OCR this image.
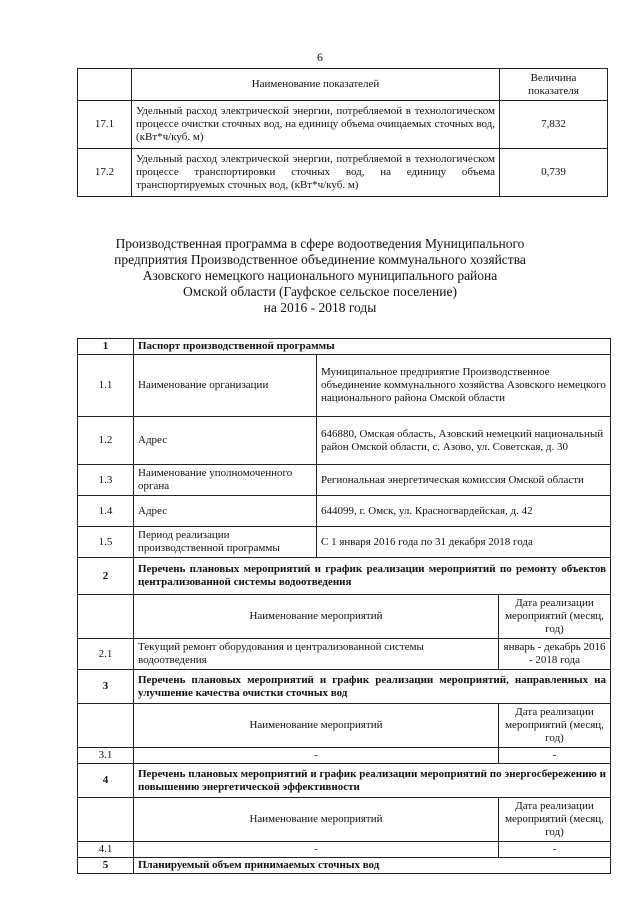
6
	Наименование показателей	Величина показателя
17.1	Удельный расход электрической энергии, потребляемой в технологическом процессе очистки сточных вод, на единицу объема очищаемых сточных вод, (кВт*ч/куб. м)	7,832
17.2	Удельный расход электрической энергии, потребляемой в технологическом процессе транспортировки сточных вод, на единицу объема транспортируемых сточных вод, (кВт*ч/куб. м)	0,739
Производственная программа в сфере водоотведения Муниципального
предприятия Производственное объединение коммунального хозяйства
Азовского немецкого национального муниципального района
Омской области (Гауфское сельское поселение)
на 2016 - 2018 годы
1	Паспорт производственной программы		
1.1	Наименование организации	Муниципальное предприятие Производственное объединение коммунального хозяйства Азовского немецкого национального района Омской области	
1.2	Адрес	646880, Омская область, Азовский немецкий национальный район Омской области, с. Азово, ул. Советская, д. 30	
1.3	Наименование уполномоченного органа	Региональная энергетическая комиссия Омской области	
1.4	Адрес	644099, г. Омск, ул. Красногвардейская, д. 42	
1.5	Период реализации производственной программы	С 1 января 2016 года по 31 декабря 2018 года	
2	Перечень плановых мероприятий и график реализации мероприятий по ремонту объектов централизованной системы водоотведения		
	Наименование мероприятий		Дата реализации мероприятий (месяц, год)
2.1	Текущий ремонт оборудования и централизованной системы водоотведения		январь - декабрь 2016 - 2018 года
3	Перечень плановых мероприятий и график реализации мероприятий, направленных на улучшение качества очистки сточных вод		
	Наименование мероприятий		Дата реализации мероприятий (месяц, год)
3.1	-		-
4	Перечень плановых мероприятий и график реализации мероприятий по энергосбережению и повышению энергетической эффективности		
	Наименование мероприятий		Дата реализации мероприятий (месяц, год)
4.1	-		-
5	Планируемый объем принимаемых сточных вод		
